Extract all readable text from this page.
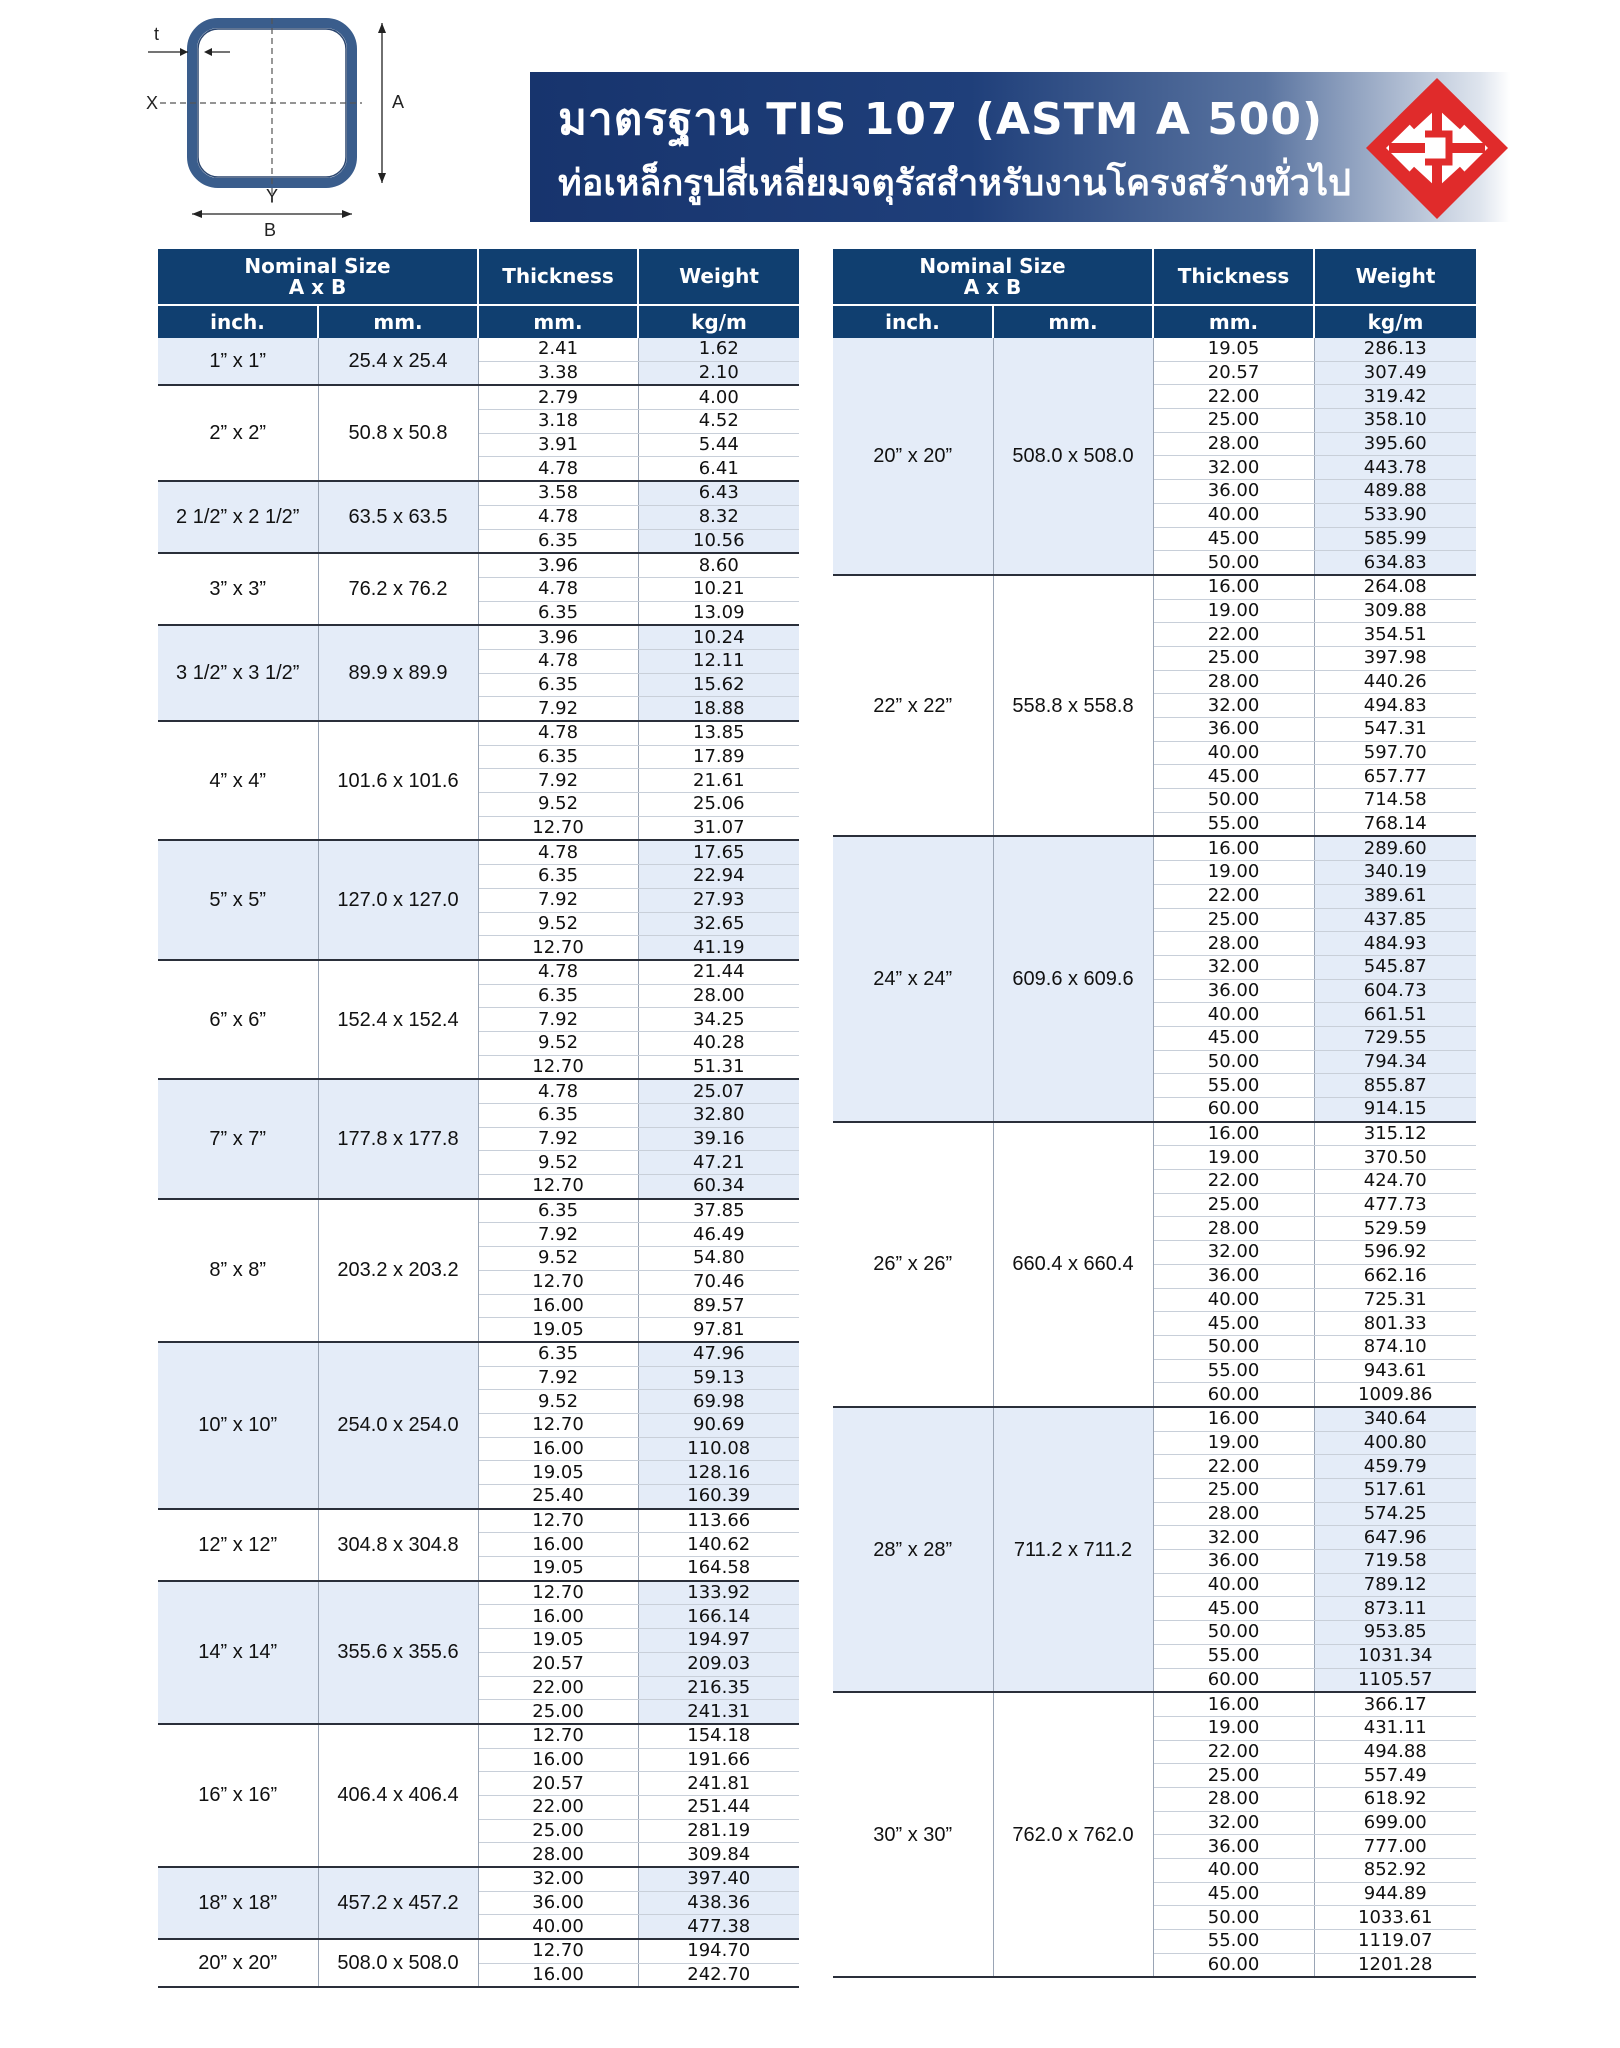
t
X	A
Y
B
มาตรฐาน TIS 107 (ASTM A 500)
ท่อเหล็กรูปสี่เหลี่ยมจตุรัสสำหรับงานโครงสร้างทั่วไป
Nominal Size
A x B		Thickness	Weight
inch.	mm.	mm.	kg/m
1” x 1”	25.4 x 25.4	2.41	1.62
		3.38	2.10
2” x 2”	50.8 x 50.8	2.79	4.00
		3.18	4.52
		3.91	5.44
		4.78	6.41
2 1/2” x 2 1/2”	63.5 x 63.5	3.58	6.43
		4.78	8.32
		6.35	10.56
3” x 3”	76.2 x 76.2	3.96	8.60
		4.78	10.21
		6.35	13.09
3 1/2” x 3 1/2”	89.9 x 89.9	3.96	10.24
		4.78	12.11
		6.35	15.62
		7.92	18.88
4” x 4”	101.6 x 101.6	4.78	13.85
		6.35	17.89
		7.92	21.61
		9.52	25.06
		12.70	31.07
5” x 5”	127.0 x 127.0	4.78	17.65
		6.35	22.94
		7.92	27.93
		9.52	32.65
		12.70	41.19
6” x 6”	152.4 x 152.4	4.78	21.44
		6.35	28.00
		7.92	34.25
		9.52	40.28
		12.70	51.31
7” x 7”	177.8 x 177.8	4.78	25.07
		6.35	32.80
		7.92	39.16
		9.52	47.21
		12.70	60.34
8” x 8”	203.2 x 203.2	6.35	37.85
		7.92	46.49
		9.52	54.80
		12.70	70.46
		16.00	89.57
		19.05	97.81
10” x 10”	254.0 x 254.0	6.35	47.96
		7.92	59.13
		9.52	69.98
		12.70	90.69
		16.00	110.08
		19.05	128.16
		25.40	160.39
12” x 12”	304.8 x 304.8	12.70	113.66
		16.00	140.62
		19.05	164.58
14” x 14”	355.6 x 355.6	12.70	133.92
		16.00	166.14
		19.05	194.97
		20.57	209.03
		22.00	216.35
		25.00	241.31
16” x 16”	406.4 x 406.4	12.70	154.18
		16.00	191.66
		20.57	241.81
		22.00	251.44
		25.00	281.19
		28.00	309.84
18” x 18”	457.2 x 457.2	32.00	397.40
		36.00	438.36
		40.00	477.38
20” x 20”	508.0 x 508.0	12.70	194.70
		16.00	242.70
Nominal Size
A x B		Thickness	Weight
inch.	mm.	mm.	kg/m
20” x 20”	508.0 x 508.0	19.05	286.13
		20.57	307.49
		22.00	319.42
		25.00	358.10
		28.00	395.60
		32.00	443.78
		36.00	489.88
		40.00	533.90
		45.00	585.99
		50.00	634.83
22” x 22”	558.8 x 558.8	16.00	264.08
		19.00	309.88
		22.00	354.51
		25.00	397.98
		28.00	440.26
		32.00	494.83
		36.00	547.31
		40.00	597.70
		45.00	657.77
		50.00	714.58
		55.00	768.14
24” x 24”	609.6 x 609.6	16.00	289.60
		19.00	340.19
		22.00	389.61
		25.00	437.85
		28.00	484.93
		32.00	545.87
		36.00	604.73
		40.00	661.51
		45.00	729.55
		50.00	794.34
		55.00	855.87
		60.00	914.15
26” x 26”	660.4 x 660.4	16.00	315.12
		19.00	370.50
		22.00	424.70
		25.00	477.73
		28.00	529.59
		32.00	596.92
		36.00	662.16
		40.00	725.31
		45.00	801.33
		50.00	874.10
		55.00	943.61
		60.00	1009.86
28” x 28”	711.2 x 711.2	16.00	340.64
		19.00	400.80
		22.00	459.79
		25.00	517.61
		28.00	574.25
		32.00	647.96
		36.00	719.58
		40.00	789.12
		45.00	873.11
		50.00	953.85
		55.00	1031.34
		60.00	1105.57
30” x 30”	762.0 x 762.0	16.00	366.17
		19.00	431.11
		22.00	494.88
		25.00	557.49
		28.00	618.92
		32.00	699.00
		36.00	777.00
		40.00	852.92
		45.00	944.89
		50.00	1033.61
		55.00	1119.07
		60.00	1201.28
